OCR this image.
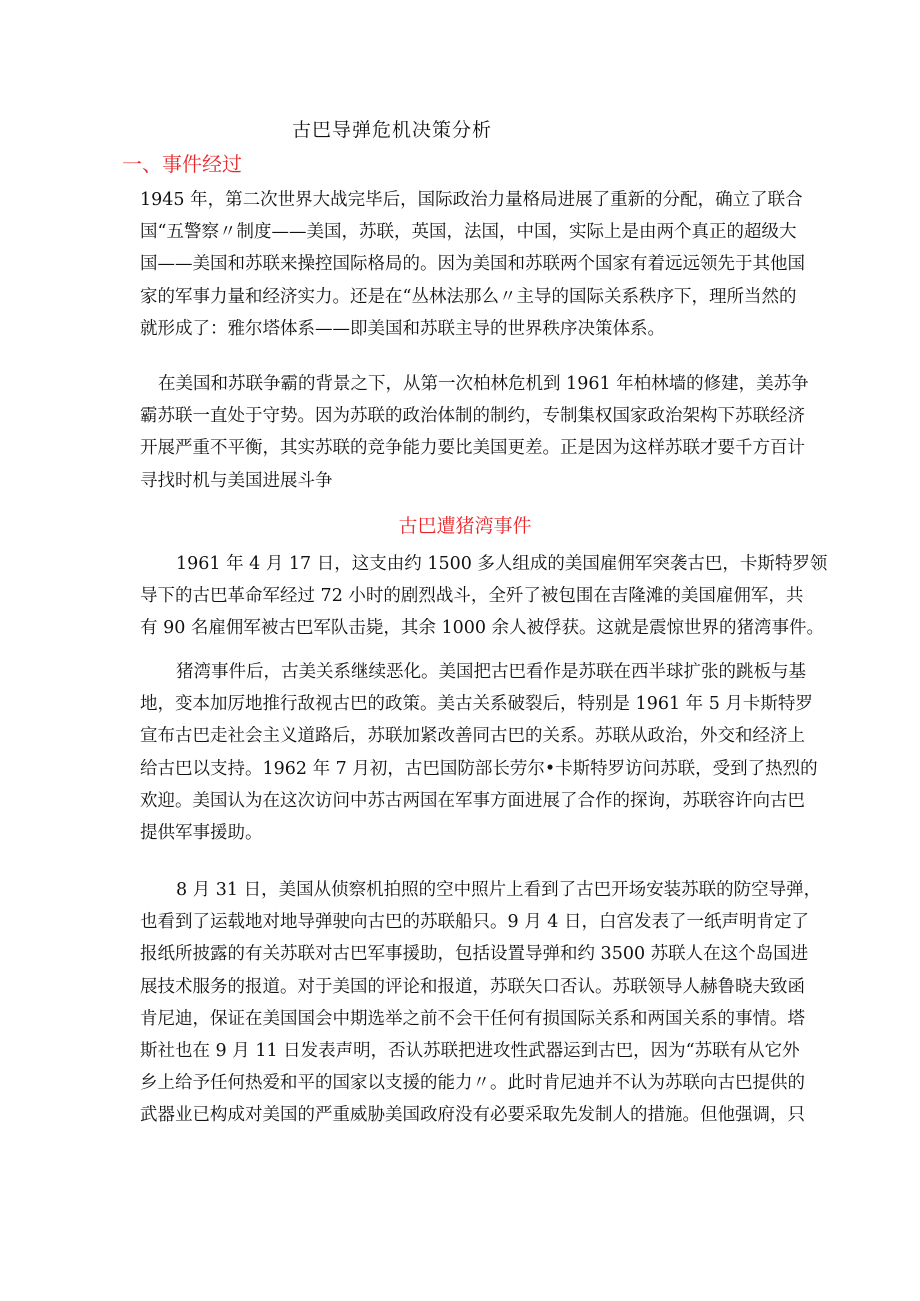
古巴导弹危机决策分析
一、事件经过
1945 年，第二次世界大战完毕后，国际政治力量格局进展了重新的分配，确立了联合
国“五警察〃制度——美国，苏联，英国，法国，中国，实际上是由两个真正的超级大
国——美国和苏联来操控国际格局的。因为美国和苏联两个国家有着远远领先于其他国
家的军事力量和经济实力。还是在“丛林法那么〃主导的国际关系秩序下，理所当然的
就形成了：雅尔塔体系——即美国和苏联主导的世界秩序决策体系。
在美国和苏联争霸的背景之下，从第一次柏林危机到 1961 年柏林墙的修建，美苏争
霸苏联一直处于守势。因为苏联的政治体制的制约，专制集权国家政治架构下苏联经济
开展严重不平衡，其实苏联的竞争能力要比美国更差。正是因为这样苏联才要千方百计
寻找时机与美国进展斗争
古巴遭猪湾事件
1961 年 4 月 17 日，这支由约 1500 多人组成的美国雇佣军突袭古巴，卡斯特罗领
导下的古巴革命军经过 72 小时的剧烈战斗，全歼了被包围在吉隆滩的美国雇佣军，共
有 90 名雇佣军被古巴军队击毙，其余 1000 余人被俘获。这就是震惊世界的猪湾事件。
猪湾事件后，古美关系继续恶化。美国把古巴看作是苏联在西半球扩张的跳板与基
地，变本加厉地推行敌视古巴的政策。美古关系破裂后，特别是 1961 年 5 月卡斯特罗
宣布古巴走社会主义道路后，苏联加紧改善同古巴的关系。苏联从政治，外交和经济上
给古巴以支持。1962 年 7 月初，古巴国防部长劳尔•卡斯特罗访问苏联，受到了热烈的
欢迎。美国认为在这次访问中苏古两国在军事方面进展了合作的探询，苏联容许向古巴
提供军事援助。
8 月 31 日，美国从侦察机拍照的空中照片上看到了古巴开场安装苏联的防空导弹，
也看到了运载地对地导弹驶向古巴的苏联船只。9 月 4 日，白宫发表了一纸声明肯定了
报纸所披露的有关苏联对古巴军事援助，包括设置导弹和约 3500 苏联人在这个岛国进
展技术服务的报道。对于美国的评论和报道，苏联矢口否认。苏联领导人赫鲁晓夫致函
肯尼迪，保证在美国国会中期选举之前不会干任何有损国际关系和两国关系的事情。塔
斯社也在 9 月 11 日发表声明，否认苏联把进攻性武器运到古巴，因为“苏联有从它外
乡上给予任何热爱和平的国家以支援的能力〃。此时肯尼迪并不认为苏联向古巴提供的
武器业已构成对美国的严重威胁美国政府没有必要采取先发制人的措施。但他强调，只
